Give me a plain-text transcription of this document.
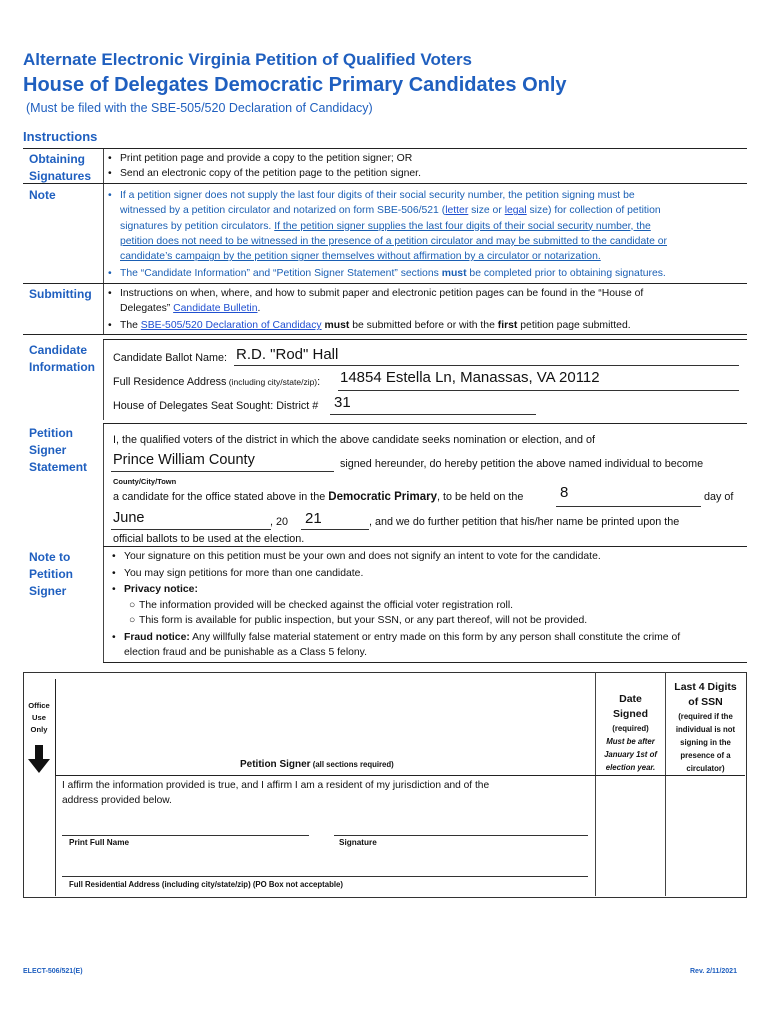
Alternate Electronic Virginia Petition of Qualified Voters
House of Delegates Democratic Primary Candidates Only
(Must be filed with the SBE-505/520 Declaration of Candidacy)
Instructions
Obtaining
Signatures
• Print petition page and provide a copy to the petition signer; OR
• Send an electronic copy of the petition page to the petition signer.
Note	• If a petition signer does not supply the last four digits of their social security number, the petition signing must be
witnessed by a petition circulator and notarized on form SBE-506/521 (letter size or legal size) for collection of petition
signatures by petition circulators. If the petition signer supplies the last four digits of their social security number, the
petition does not need to be witnessed in the presence of a petition circulator and may be submitted to the candidate or
candidate’s campaign by the petition signer themselves without affirmation by a circulator or notarization.
• The “Candidate Information” and “Petition Signer Statement” sections must be completed prior to obtaining signatures.
Submitting • Instructions on when, where, and how to submit paper and electronic petition pages can be found in the “House of
Delegates” Candidate Bulletin.
• The SBE-505/520 Declaration of Candidacy must be submitted before or with the first petition page submitted.
Candidate
Information
Candidate Ballot Name: R.D. "Rod" Hall
Full Residence Address (including city/state/zip): 14854 Estella Ln, Manassas, VA 20112
House of Delegates Seat Sought: District # 31
Petition
Signer
Statement
I, the qualified voters of the district in which the above candidate seeks nomination or election, and of
Prince William County	signed hereunder, do hereby petition the above named individual to become
County/City/Town
a candidate for the office stated above in the Democratic Primary, to be held on the 8	day of
June	, 20 21	, and we do further petition that his/her name be printed upon the
official ballots to be used at the election.
Note to
Petition
Signer
• Your signature on this petition must be your own and does not signify an intent to vote for the candidate.
• You may sign petitions for more than one candidate.
• Privacy notice:
○ The information provided will be checked against the official voter registration roll.
○ This form is available for public inspection, but your SSN, or any part thereof, will not be provided.
• Fraud notice: Any willfully false material statement or entry made on this form by any person shall constitute the crime of
election fraud and be punishable as a Class 5 felony.
Office
Use
Only
Petition Signer (all sections required)
Date
Signed
(required)
Must be after
January 1st of
election year.
Last 4 Digits
of SSN
(required if the
individual is not
signing in the
presence of a
circulator)
I affirm the information provided is true, and I affirm I am a resident of my jurisdiction and of the
address provided below.
Print Full Name	Signature
Full Residential Address (including city/state/zip) (PO Box not acceptable)
ELECT-506/521(E)	Rev. 2/11/2021
